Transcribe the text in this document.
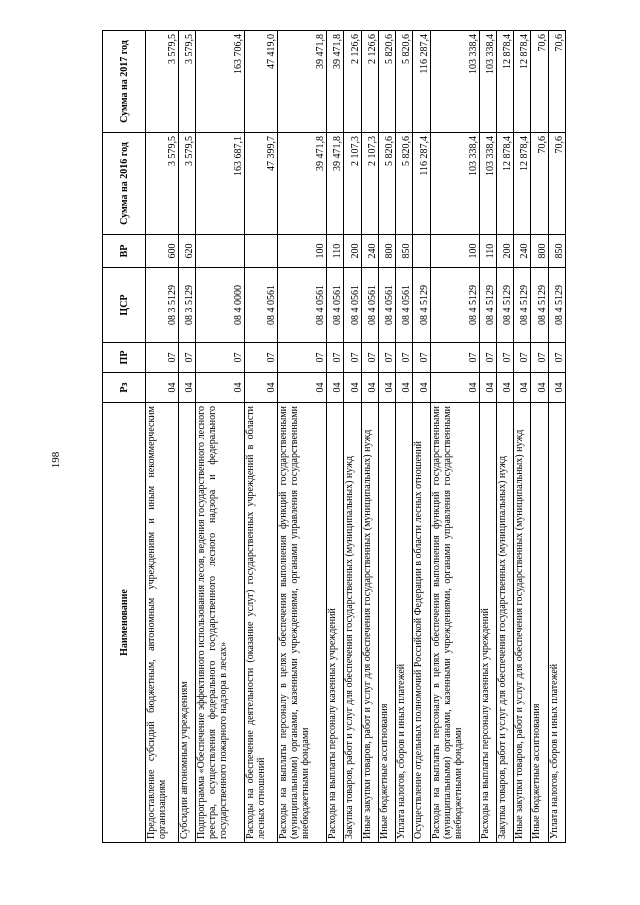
198
Наименование	Рз	ПР	ЦСР	ВР	Сумма на 2016 год	Сумма на 2017 год
Предоставление субсидий бюджетным, автономным учреждениям и иным некоммерческим организациям	04	07	08 3 5129	600	3 579,5	3 579,5
Субсидии автономным учреждениям	04	07	08 3 5129	620	3 579,5	3 579,5
Подпрограмма «Обеспечение эффективного использования лесов, ведения государственного лесного реестра, осуществления федерального государственного лесного надзора и федерального государственного пожарного надзора в лесах»	04	07	08 4 0000		163 687,1	163 706,4
Расходы на обеспечение деятельности (оказание услуг) государственных учреждений в области лесных отношений	04	07	08 4 0561		47 399,7	47 419,0
Расходы на выплаты персоналу в целях обеспечения выполнения функций государственными (муниципальными) органами, казенными учреждениями, органами управления государственными внебюджетными фондами	04	07	08 4 0561	100	39 471,8	39 471,8
Расходы на выплаты персоналу казенных учреждений	04	07	08 4 0561	110	39 471,8	39 471,8
Закупка товаров, работ и услуг для обеспечения государственных (муниципальных) нужд	04	07	08 4 0561	200	2 107,3	2 126,6
Иные закупки товаров, работ и услуг для обеспечения государственных (муниципальных) нужд	04	07	08 4 0561	240	2 107,3	2 126,6
Иные бюджетные ассигнования	04	07	08 4 0561	800	5 820,6	5 820,6
Уплата налогов, сборов и иных платежей	04	07	08 4 0561	850	5 820,6	5 820,6
Осуществление отдельных полномочий Российской Федерации в области лесных отношений	04	07	08 4 5129		116 287,4	116 287,4
Расходы на выплаты персоналу в целях обеспечения выполнения функций государственными (муниципальными) органами, казенными учреждениями, органами управления государственными внебюджетными фондами	04	07	08 4 5129	100	103 338,4	103 338,4
Расходы на выплаты персоналу казенных учреждений	04	07	08 4 5129	110	103 338,4	103 338,4
Закупка товаров, работ и услуг для обеспечения государственных (муниципальных) нужд	04	07	08 4 5129	200	12 878,4	12 878,4
Иные закупки товаров, работ и услуг для обеспечения государственных (муниципальных) нужд	04	07	08 4 5129	240	12 878,4	12 878,4
Иные бюджетные ассигнования	04	07	08 4 5129	800	70,6	70,6
Уплата налогов, сборов и иных платежей	04	07	08 4 5129	850	70,6	70,6
